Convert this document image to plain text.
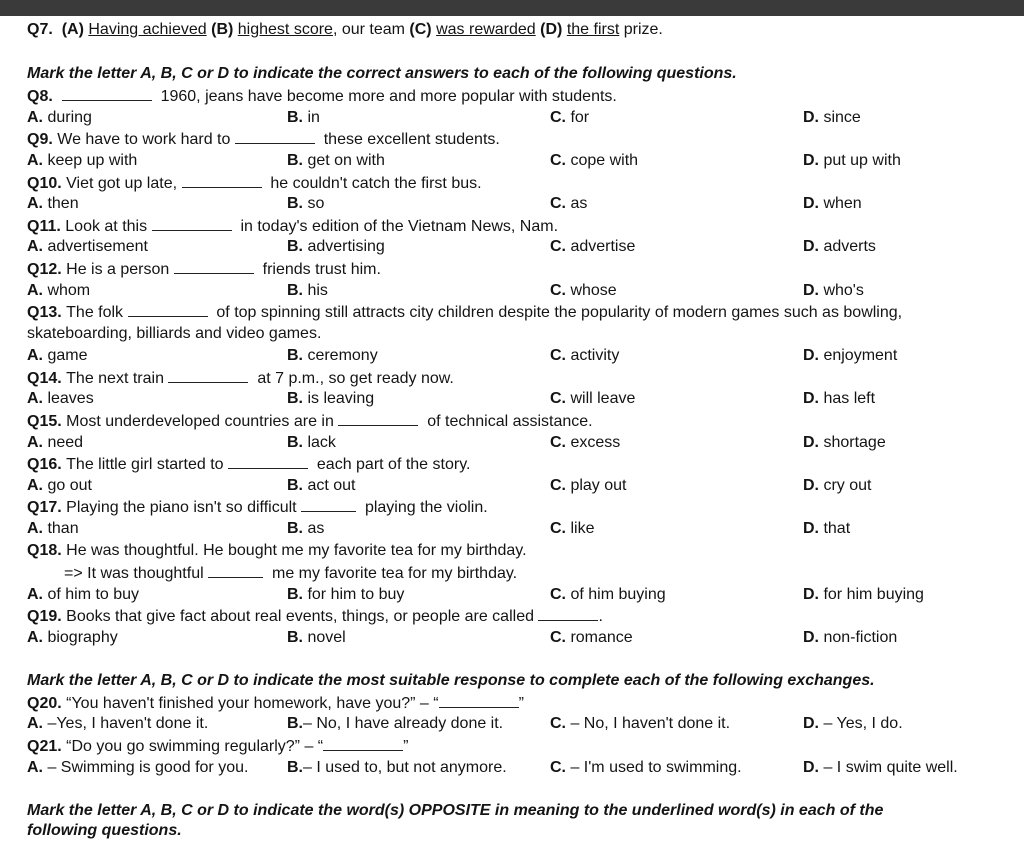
Q7. (A) Having achieved (B) highest score, our team (C) was rewarded (D) the first prize.
Mark the letter A, B, C or D to indicate the correct answers to each of the following questions.
Q8.	1960, jeans have become more and more popular with students.
A. during	B. in	C. for	D. since
Q9. We have to work hard to	these excellent students.
A. keep up with	B. get on with	C. cope with	D. put up with
Q10. Viet got up late,	he couldn't catch the first bus.
A. then	B. so	C. as	D. when
Q11. Look at this	in today's edition of the Vietnam News, Nam.
A. advertisement	B. advertising	C. advertise	D. adverts
Q12. He is a person	friends trust him.
A. whom	B. his	C. whose	D. who's
Q13. The folk	of top spinning still attracts city children despite the popularity of modern games such as bowling,
skateboarding, billiards and video games.
A. game	B. ceremony	C. activity	D. enjoyment
Q14. The next train	at 7 p.m., so get ready now.
A. leaves	B. is leaving	C. will leave	D. has left
Q15. Most underdeveloped countries are in	of technical assistance.
A. need	B. lack	C. excess	D. shortage
Q16. The little girl started to	each part of the story.
A. go out	B. act out	C. play out	D. cry out
Q17. Playing the piano isn't so difficult	playing the violin.
A. than	B. as	C. like	D. that
Q18. He was thoughtful. He bought me my favorite tea for my birthday.
=> It was thoughtful	me my favorite tea for my birthday.
A. of him to buy	B. for him to buy	C. of him buying	D. for him buying
Q19. Books that give fact about real events, things, or people are called	.
A. biography	B. novel	C. romance	D. non-fiction
Mark the letter A, B, C or D to indicate the most suitable response to complete each of the following exchanges.
Q20. “You haven't finished your homework, have you?” – “	”
A. –Yes, I haven't done it.	B.– No, I have already done it.	C. – No, I haven't done it.	D. – Yes, I do.
Q21. “Do you go swimming regularly?” – “	”
A. – Swimming is good for you. B.– I used to, but not anymore.	C. – I'm used to swimming.	D. – I swim quite well.
Mark the letter A, B, C or D to indicate the word(s) OPPOSITE in meaning to the underlined word(s) in each of the
following questions.
